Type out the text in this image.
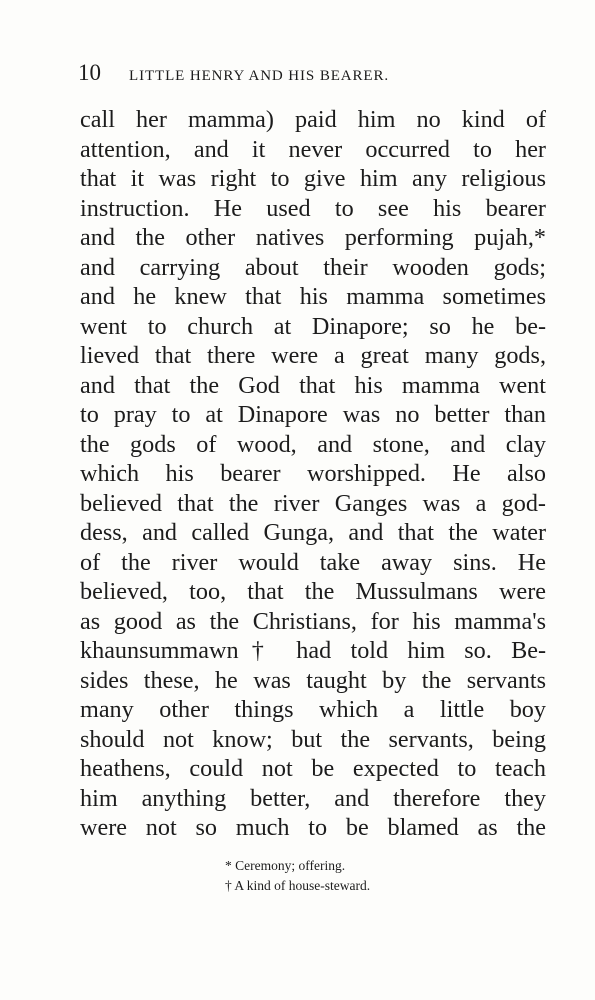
10 LITTLE HENRY AND HIS BEARER.
call her mamma) paid him no kind of
attention, and it never occurred to her
that it was right to give him any religious
instruction. He used to see his bearer
and the other natives performing pujah,*
and carrying about their wooden gods;
and he knew that his mamma sometimes
went to church at Dinapore; so he be-
lieved that there were a great many gods,
and that the God that his mamma went
to pray to at Dinapore was no better than
the gods of wood, and stone, and clay
which his bearer worshipped. He also
believed that the river Ganges was a god-
dess, and called Gunga, and that the water
of the river would take away sins. He
believed, too, that the Mussulmans were
as good as the Christians, for his mamma's
khaunsummawn† had told him so. Be-
sides these, he was taught by the servants
many other things which a little boy
should not know; but the servants, being
heathens, could not be expected to teach
him anything better, and therefore they
were not so much to be blamed as the
* Ceremony; offering.
† A kind of house-steward.
